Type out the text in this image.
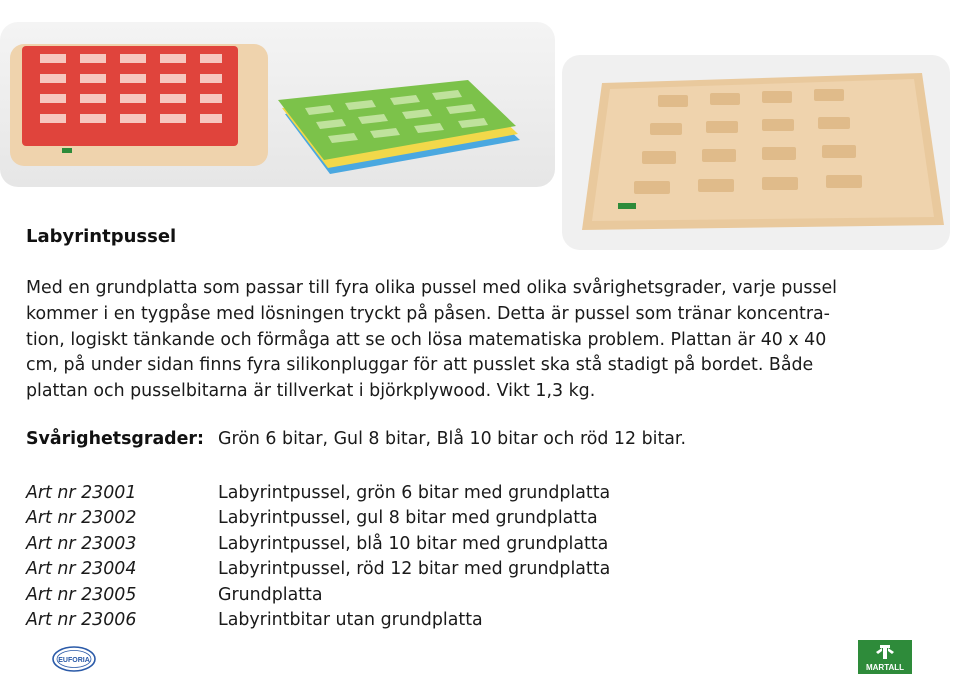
Labyrintpussel
Med en grundplatta som passar till fyra olika pussel med olika svårighetsgrader, varje pussel
kommer i en tygpåse med lösningen tryckt på påsen. Detta är pussel som tränar koncentra-
tion, logiskt tänkande och förmåga att se och lösa matematiska problem. Plattan är 40 x 40
cm, på under sidan finns fyra silikonpluggar för att pusslet ska stå stadigt på bordet. Både
plattan och pusselbitarna är tillverkat i björkplywood. Vikt 1,3 kg.
Svårighetsgrader: Grön 6 bitar, Gul 8 bitar, Blå 10 bitar och röd 12 bitar.
Art nr 23001	Labyrintpussel, grön 6 bitar med grundplatta
Art nr 23002	Labyrintpussel, gul 8 bitar med grundplatta
Art nr 23003	Labyrintpussel, blå 10 bitar med grundplatta
Art nr 23004	Labyrintpussel, röd 12 bitar med grundplatta
Art nr 23005	Grundplatta
Art nr 23006	Labyrintbitar utan grundplatta
EUFORIA
MARTALL
